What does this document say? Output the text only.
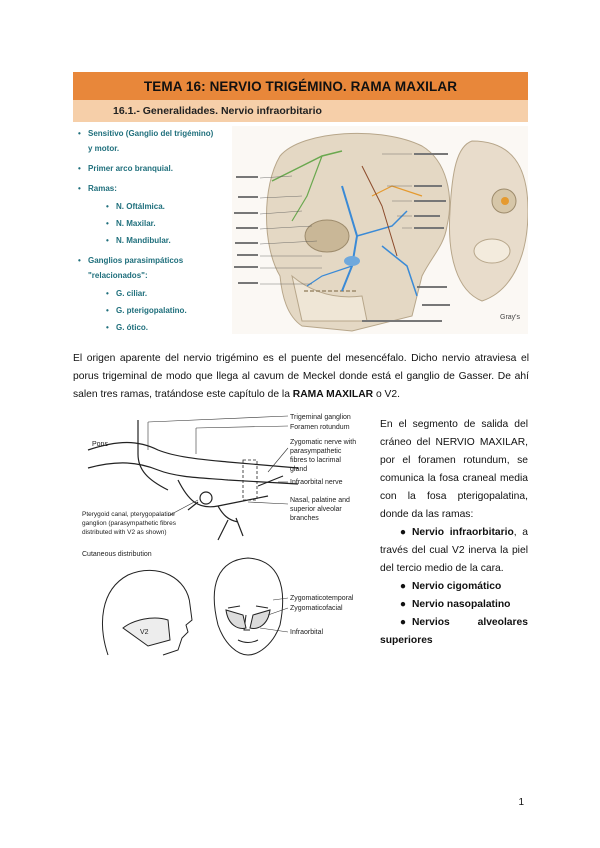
TEMA 16: NERVIO TRIGÉMINO. RAMA MAXILAR
16.1.- Generalidades. Nervio infraorbitario
• Sensitivo (Ganglio del trigémino)
y motor.
• Primer arco branquial.
• Ramas:
• N. Oftálmica.
• N. Maxilar.
• N. Mandibular.
• Ganglios parasimpáticos
"relacionados":
• G. ciliar.
• G. pterigopalatino.
• G. ótico.
Gray's
El origen aparente del nervio trigémino es el puente del mesencéfalo. Dicho nervio atraviesa el porus trigeminal de modo que llega al cavum de Meckel donde está el ganglio de Gasser. De ahí salen tres ramas, tratándose este capítulo de la RAMA MAXILAR o V2.
Pons
Trigeminal ganglion
Foramen rotundum
Zygomatic nerve with
parasympathetic
fibres to lacrimal
gland
Infraorbital nerve
Nasal, palatine and
superior alveolar
branches
Pterygoid canal, pterygopalatine
ganglion (parasympathetic fibres
distributed with V2 as shown)
Cutaneous distribution
V2
Zygomaticotemporal
Zygomaticofacial
Infraorbital
En el segmento de salida del cráneo del NERVIO MAXILAR, por el foramen rotundum, se comunica la fosa craneal media con la fosa pterigopalatina, donde da las ramas:
● Nervio infraorbitario, a través del cual V2 inerva la piel del tercio medio de la cara.
● Nervio cigomático
● Nervio nasopalatino
● Nervios alveolares superiores
1
